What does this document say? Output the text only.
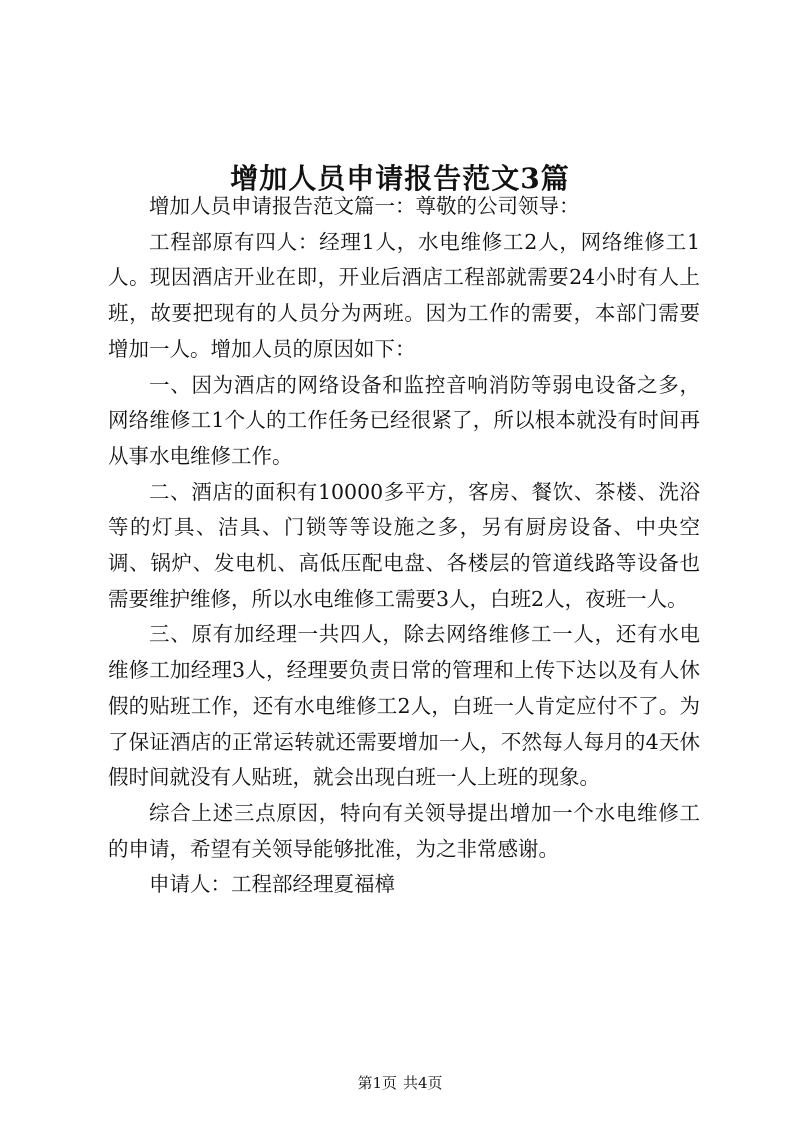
增加人员申请报告范文3篇

增加人员申请报告范文篇一：尊敬的公司领导：

工程部原有四人：经理1人，水电维修工2人，网络维修工1人。现因酒店开业在即，开业后酒店工程部就需要24小时有人上班，故要把现有的人员分为两班。因为工作的需要，本部门需要增加一人。增加人员的原因如下：

一、因为酒店的网络设备和监控音响消防等弱电设备之多，网络维修工1个人的工作任务已经很紧了，所以根本就没有时间再从事水电维修工作。

二、酒店的面积有10000多平方，客房、餐饮、茶楼、洗浴等的灯具、洁具、门锁等等设施之多，另有厨房设备、中央空调、锅炉、发电机、高低压配电盘、各楼层的管道线路等设备也需要维护维修，所以水电维修工需要3人，白班2人，夜班一人。

三、原有加经理一共四人，除去网络维修工一人，还有水电维修工加经理3人，经理要负责日常的管理和上传下达以及有人休假的贴班工作，还有水电维修工2人，白班一人肯定应付不了。为了保证酒店的正常运转就还需要增加一人，不然每人每月的4天休假时间就没有人贴班，就会出现白班一人上班的现象。

综合上述三点原因，特向有关领导提出增加一个水电维修工的申请，希望有关领导能够批准，为之非常感谢。

申请人：工程部经理夏福樟

第1页 共4页
